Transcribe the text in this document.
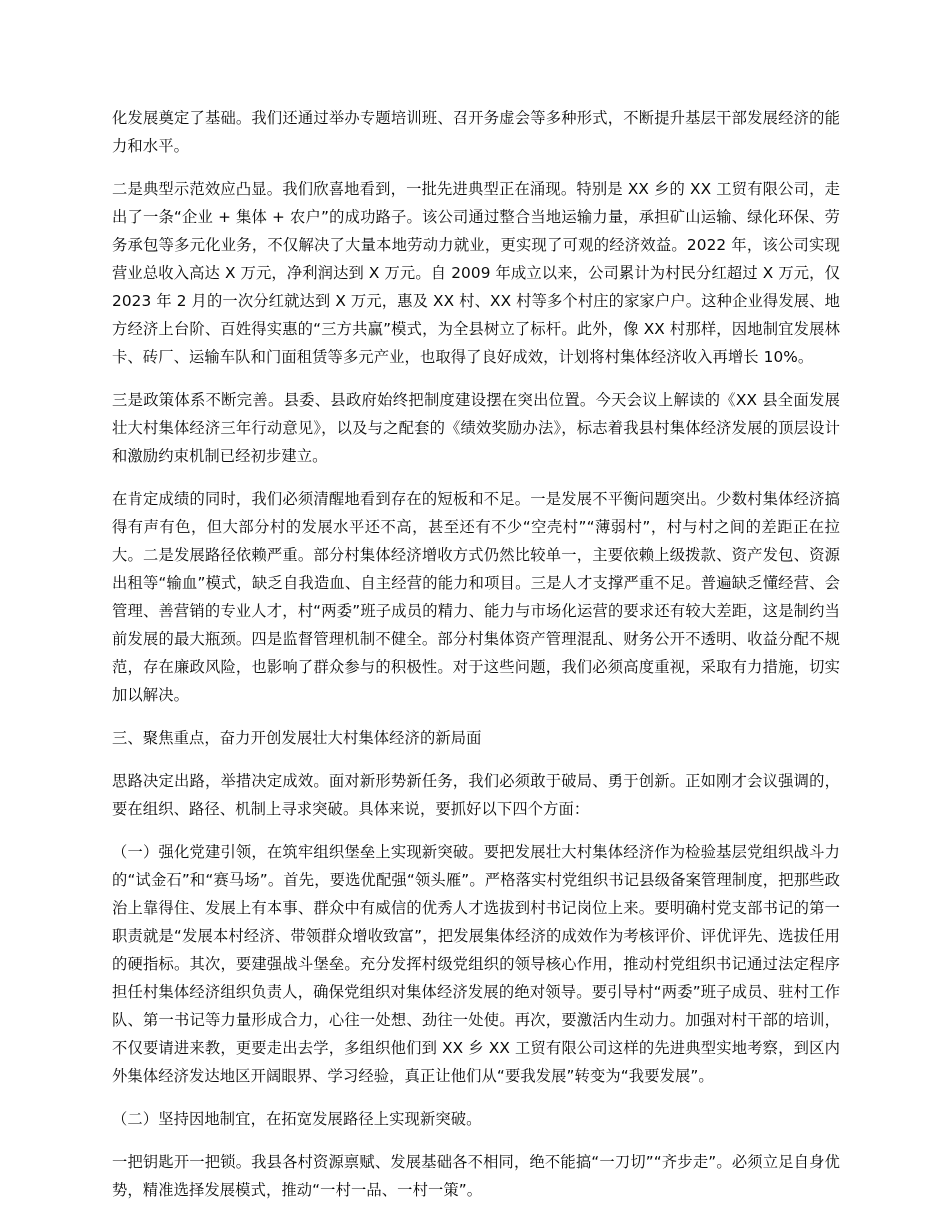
化发展奠定了基础。我们还通过举办专题培训班、召开务虚会等多种形式，不断提升基层干部发展经济的能力和水平。

二是典型示范效应凸显。我们欣喜地看到，一批先进典型正在涌现。特别是 XX 乡的 XX 工贸有限公司，走出了一条“企业 + 集体 + 农户”的成功路子。该公司通过整合当地运输力量，承担矿山运输、绿化环保、劳务承包等多元化业务，不仅解决了大量本地劳动力就业，更实现了可观的经济效益。2022 年，该公司实现营业总收入高达 X 万元，净利润达到 X 万元。自 2009 年成立以来，公司累计为村民分红超过 X 万元，仅 2023 年 2 月的一次分红就达到 X 万元，惠及 XX 村、XX 村等多个村庄的家家户户。这种企业得发展、地方经济上台阶、百姓得实惠的“三方共赢”模式，为全县树立了标杆。此外，像 XX 村那样，因地制宜发展林卡、砖厂、运输车队和门面租赁等多元产业，也取得了良好成效，计划将村集体经济收入再增长 10%。

三是政策体系不断完善。县委、县政府始终把制度建设摆在突出位置。今天会议上解读的《XX 县全面发展壮大村集体经济三年行动意见》，以及与之配套的《绩效奖励办法》，标志着我县村集体经济发展的顶层设计和激励约束机制已经初步建立。

在肯定成绩的同时，我们必须清醒地看到存在的短板和不足。一是发展不平衡问题突出。少数村集体经济搞得有声有色，但大部分村的发展水平还不高，甚至还有不少“空壳村”“薄弱村”，村与村之间的差距正在拉大。二是发展路径依赖严重。部分村集体经济增收方式仍然比较单一，主要依赖上级拨款、资产发包、资源出租等“输血”模式，缺乏自我造血、自主经营的能力和项目。三是人才支撑严重不足。普遍缺乏懂经营、会管理、善营销的专业人才，村“两委”班子成员的精力、能力与市场化运营的要求还有较大差距，这是制约当前发展的最大瓶颈。四是监督管理机制不健全。部分村集体资产管理混乱、财务公开不透明、收益分配不规范，存在廉政风险，也影响了群众参与的积极性。对于这些问题，我们必须高度重视，采取有力措施，切实加以解决。

三、聚焦重点，奋力开创发展壮大村集体经济的新局面

思路决定出路，举措决定成效。面对新形势新任务，我们必须敢于破局、勇于创新。正如刚才会议强调的，要在组织、路径、机制上寻求突破。具体来说，要抓好以下四个方面：

（一）强化党建引领，在筑牢组织堡垒上实现新突破。要把发展壮大村集体经济作为检验基层党组织战斗力的“试金石”和“赛马场”。首先，要选优配强“领头雁”。严格落实村党组织书记县级备案管理制度，把那些政治上靠得住、发展上有本事、群众中有威信的优秀人才选拔到村书记岗位上来。要明确村党支部书记的第一职责就是“发展本村经济、带领群众增收致富”，把发展集体经济的成效作为考核评价、评优评先、选拔任用的硬指标。其次，要建强战斗堡垒。充分发挥村级党组织的领导核心作用，推动村党组织书记通过法定程序担任村集体经济组织负责人，确保党组织对集体经济发展的绝对领导。要引导村“两委”班子成员、驻村工作队、第一书记等力量形成合力，心往一处想、劲往一处使。再次，要激活内生动力。加强对村干部的培训，不仅要请进来教，更要走出去学，多组织他们到 XX 乡 XX 工贸有限公司这样的先进典型实地考察，到区内外集体经济发达地区开阔眼界、学习经验，真正让他们从“要我发展”转变为“我要发展”。

（二）坚持因地制宜，在拓宽发展路径上实现新突破。

一把钥匙开一把锁。我县各村资源禀赋、发展基础各不相同，绝不能搞“一刀切”“齐步走”。必须立足自身优势，精准选择发展模式，推动“一村一品、一村一策”。
